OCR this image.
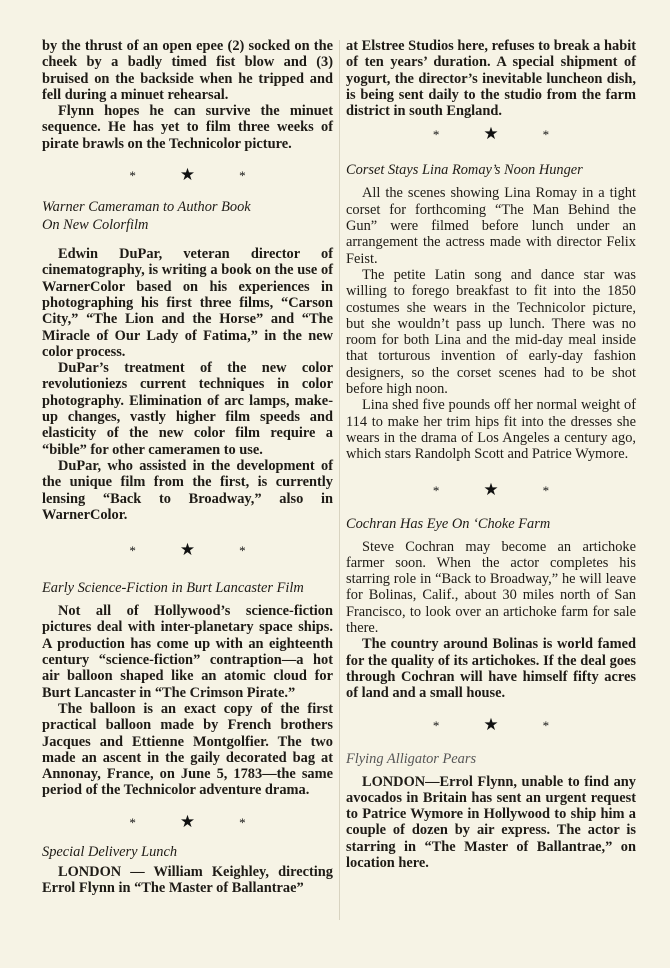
by the thrust of an open epee (2) socked on the cheek by a badly timed fist blow and (3) bruised on the backside when he tripped and fell during a minuet rehearsal.

Flynn hopes he can survive the minuet sequence. He has yet to film three weeks of pirate brawls on the Technicolor picture.

*	★	*
Warner Cameraman to Author Book
On New Colorfilm

Edwin DuPar, veteran director of cinematography, is writing a book on the use of WarnerColor based on his experiences in photographing his first three films, “Carson City,” “The Lion and the Horse” and “The Miracle of Our Lady of Fatima,” in the new color process.

DuPar’s treatment of the new color revolutioniezs current techniques in color photography. Elimination of arc lamps, make-up changes, vastly higher film speeds and elasticity of the new color film require a “bible” for other cameramen to use.

DuPar, who assisted in the development of the unique film from the first, is currently lensing “Back to Broadway,” also in WarnerColor.

*	★	*
Early Science-Fiction in Burt Lancaster Film

Not all of Hollywood’s science-fiction pictures deal with inter-planetary space ships. A production has come up with an eighteenth century “science-fiction” contraption—a hot air balloon shaped like an atomic cloud for Burt Lancaster in “The Crimson Pirate.”

The balloon is an exact copy of the first practical balloon made by French brothers Jacques and Ettienne Montgolfier. The two made an ascent in the gaily decorated bag at Annonay, France, on June 5, 1783—the same period of the Technicolor adventure drama.

*	★	*
Special Delivery Lunch

LONDON — William Keighley, directing Errol Flynn in “The Master of Ballantrae”

at Elstree Studios here, refuses to break a habit of ten years’ duration. A special shipment of yogurt, the director’s inevitable luncheon dish, is being sent daily to the studio from the farm district in south England.

*	★	*
Corset Stays Lina Romay’s Noon Hunger

All the scenes showing Lina Romay in a tight corset for forthcoming “The Man Behind the Gun” were filmed before lunch under an arrangement the actress made with director Felix Feist.

The petite Latin song and dance star was willing to forego breakfast to fit into the 1850 costumes she wears in the Technicolor picture, but she wouldn’t pass up lunch. There was no room for both Lina and the mid-day meal inside that torturous invention of early-day fashion designers, so the corset scenes had to be shot before high noon.

Lina shed five pounds off her normal weight of 114 to make her trim hips fit into the dresses she wears in the drama of Los Angeles a century ago, which stars Randolph Scott and Patrice Wymore.

*	★	*
Cochran Has Eye On ‘Choke Farm

Steve Cochran may become an artichoke farmer soon. When the actor completes his starring role in “Back to Broadway,” he will leave for Bolinas, Calif., about 30 miles north of San Francisco, to look over an artichoke farm for sale there.

The country around Bolinas is world famed for the quality of its artichokes. If the deal goes through Cochran will have himself fifty acres of land and a small house.

*	★	*
Flying Alligator Pears

LONDON—Errol Flynn, unable to find any avocados in Britain has sent an urgent request to Patrice Wymore in Hollywood to ship him a couple of dozen by air express. The actor is starring in “The Master of Ballantrae,” on location here.
